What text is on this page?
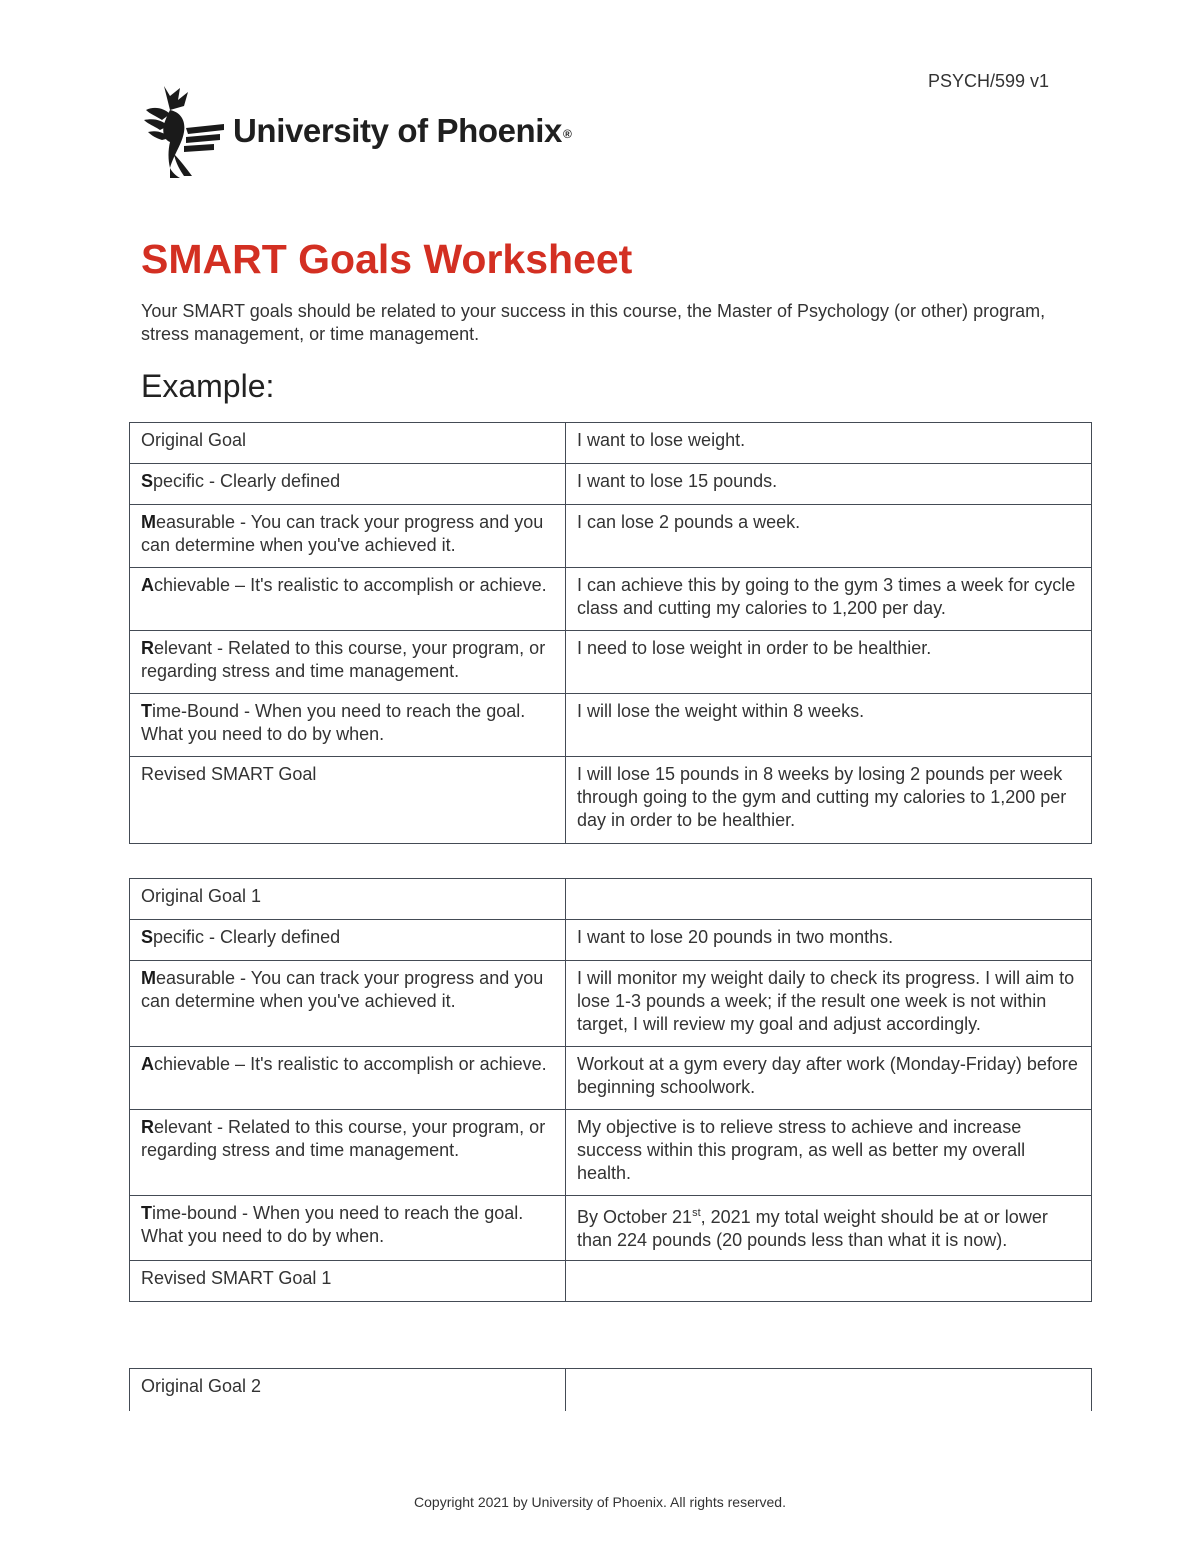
PSYCH/599 v1
University of Phoenix®
SMART Goals Worksheet

Your SMART goals should be related to your success in this course, the Master of Psychology (or other) program, stress management, or time management.

Example:
Original Goal	I want to lose weight.
Specific - Clearly defined	I want to lose 15 pounds.
Measurable - You can track your progress and you can determine when you've achieved it.	I can lose 2 pounds a week.
Achievable – It's realistic to accomplish or achieve.	I can achieve this by going to the gym 3 times a week for cycle class and cutting my calories to 1,200 per day.
Relevant - Related to this course, your program, or regarding stress and time management.	I need to lose weight in order to be healthier.
Time-Bound - When you need to reach the goal. What you need to do by when.	I will lose the weight within 8 weeks.
Revised SMART Goal	I will lose 15 pounds in 8 weeks by losing 2 pounds per week through going to the gym and cutting my calories to 1,200 per day in order to be healthier.
Original Goal 1	
Specific - Clearly defined	I want to lose 20 pounds in two months.
Measurable - You can track your progress and you can determine when you've achieved it.	I will monitor my weight daily to check its progress. I will aim to lose 1-3 pounds a week; if the result one week is not within target, I will review my goal and adjust accordingly.
Achievable – It's realistic to accomplish or achieve.	Workout at a gym every day after work (Monday-Friday) before beginning schoolwork.
Relevant - Related to this course, your program, or regarding stress and time management.	My objective is to relieve stress to achieve and increase success within this program, as well as better my overall health.
Time-bound - When you need to reach the goal. What you need to do by when.	By October 21st, 2021 my total weight should be at or lower than 224 pounds (20 pounds less than what it is now).
Revised SMART Goal 1	
Original Goal 2	
Copyright 2021 by University of Phoenix. All rights reserved.
